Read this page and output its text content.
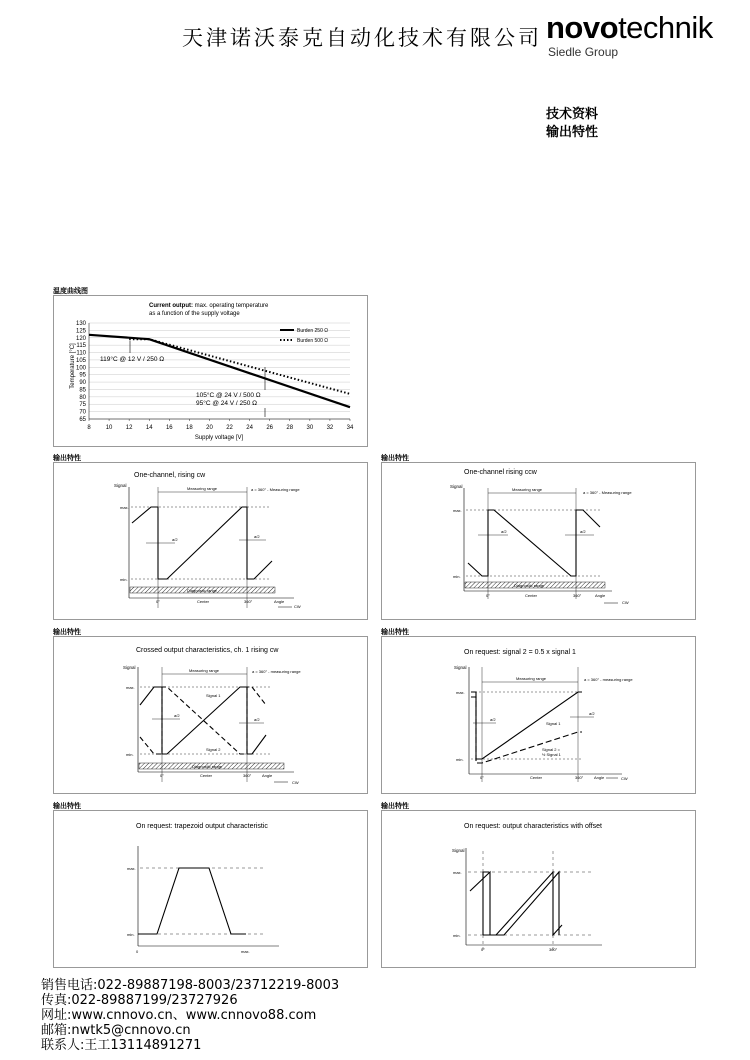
天津诺沃泰克自动化技术有限公司 novotechnik
Siedle Group
技术资料
输出特性
温度曲线图
Current output: max. operating temperature
as a function of the supply voltage
65
70
75
80
85
90
95
100
105
110
115
120
125
130
8	10 12 14 16 18 20 22 24 26 28 30 32 34
Burden 250 Ω
Burden 500 Ω
119°C @ 12 V / 250 Ω
105°C @ 24 V / 500 Ω
95°C @ 24 V / 250 Ω
Temperature [°C]
Supply voltage [V]
输出特性
One-channel, rising cw
Signal
max.
min.
Measuring range	a = 360° - Measuring range
a/2
a/2
Diagnostic range
0°	Center	360°	Angle
CW
输出特性
One-channel rising ccw
Signal
max.
min.
Measuring range
a = 360° - Measuring range
a/2	a/2
Diagnostic range
0°	Center	360°	Angle
CW
输出特性
Crossed output characteristics, ch. 1 rising cw
Signal
max.
min.
Measuring range	a = 360° - measuring range
Signal 1
Signal 2
a/2
a/2
Diagnostic range
0°	Center	360°	Angle
CW
输出特性
On request: signal 2 = 0.5 x signal 1
Signal
max.
min.
Measuring range	a = 360° - measuring range
a/2
a/2
Signal 1
Signal 2 =
½ Signal 1
0°	Center	360°	Angle	CW
输出特性
On request: trapezoid output characteristic
max.
min.
0	max.
输出特性
On request: output characteristics with offset
Signal
max.
min.
0°	360°
销售电话:022-89887198-8003/23712219-8003
传真:022-89887199/23727926
网址:www.cnnovo.cn、www.cnnovo88.com
邮箱:nwtk5@cnnovo.cn
联系人:王工13114891271
